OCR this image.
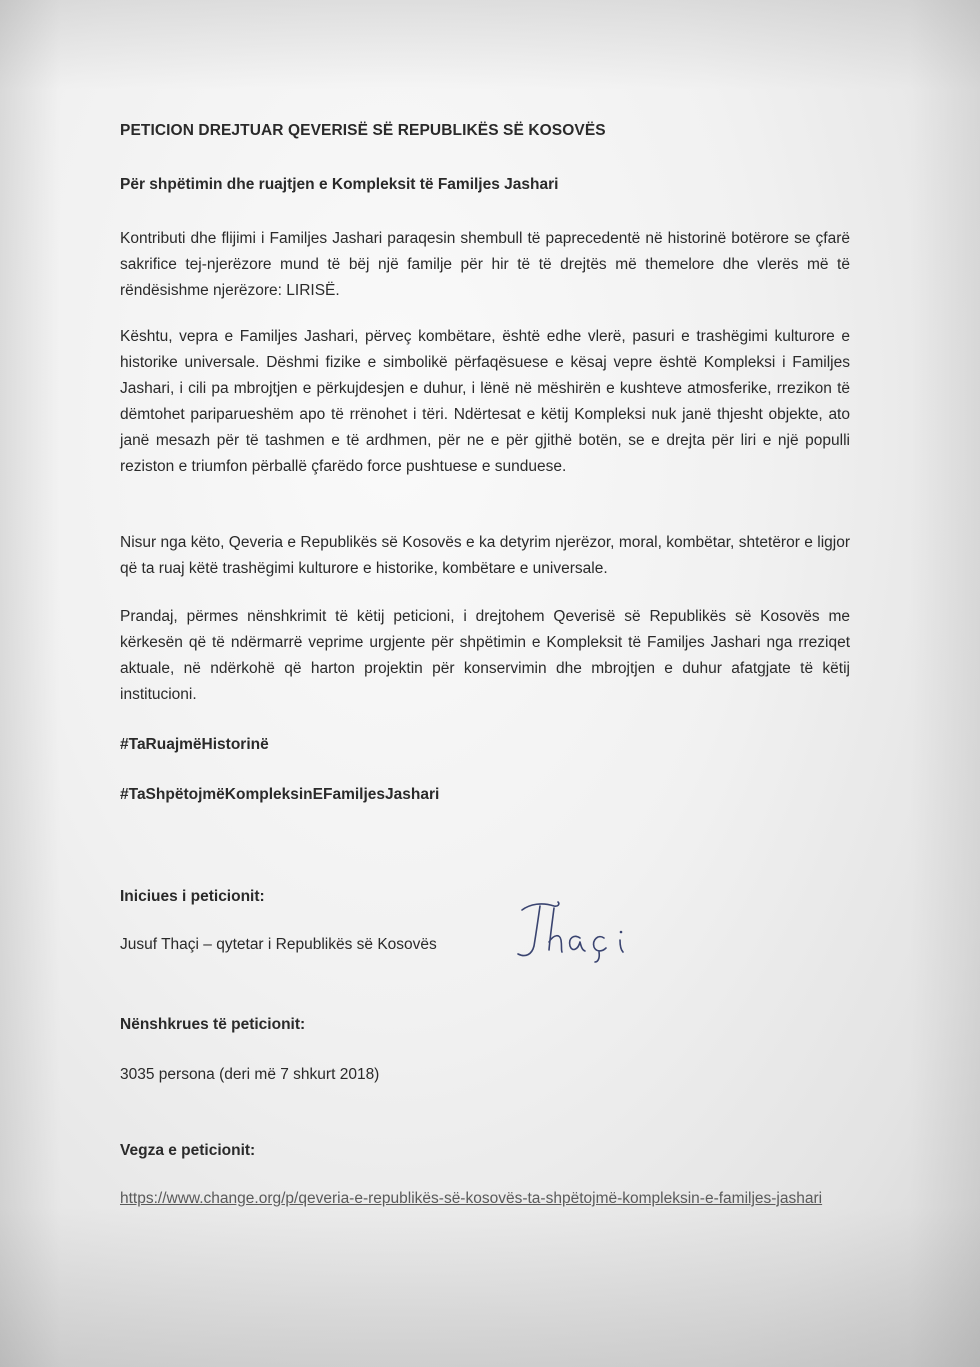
PETICION DREJTUAR QEVERISË SË REPUBLIKËS SË KOSOVËS
Për shpëtimin dhe ruajtjen e Kompleksit të Familjes Jashari

Kontributi dhe flijimi i Familjes Jashari paraqesin shembull të paprecedentë në historinë botërore se çfarë sakrifice tej-njerëzore mund të bëj një familje për hir të të drejtës më themelore dhe vlerës më të rëndësishme njerëzore: LIRISË.

Kështu, vepra e Familjes Jashari, përveç kombëtare, është edhe vlerë, pasuri e trashëgimi kulturore e historike universale. Dëshmi fizike e simbolikë përfaqësuese e kësaj vepre është Kompleksi i Familjes Jashari, i cili pa mbrojtjen e përkujdesjen e duhur, i lënë në mëshirën e kushteve atmosferike, rrezikon të dëmtohet pariparueshëm apo të rrënohet i tëri. Ndërtesat e këtij Kompleksi nuk janë thjesht objekte, ato janë mesazh për të tashmen e të ardhmen, për ne e për gjithë botën, se e drejta për liri e një populli reziston e triumfon përballë çfarëdo force pushtuese e sunduese.

Nisur nga këto, Qeveria e Republikës së Kosovës e ka detyrim njerëzor, moral, kombëtar, shtetëror e ligjor që ta ruaj këtë trashëgimi kulturore e historike, kombëtare e universale.

Prandaj, përmes nënshkrimit të këtij peticioni, i drejtohem Qeverisë së Republikës së Kosovës me kërkesën që të ndërmarrë veprime urgjente për shpëtimin e Kompleksit të Familjes Jashari nga rreziqet aktuale, në ndërkohë që harton projektin për konservimin dhe mbrojtjen e duhur afatgjate të këtij institucioni.

#TaRuajmëHistorinë
#TaShpëtojmëKompleksinEFamiljesJashari
Iniciues i peticionit:
Jusuf Thaçi – qytetar i Republikës së Kosovës
Nënshkrues të peticionit:
3035 persona (deri më 7 shkurt 2018)
Vegza e peticionit:
https://www.change.org/p/qeveria-e-republikës-së-kosovës-ta-shpëtojmë-kompleksin-e-familjes-jashari
